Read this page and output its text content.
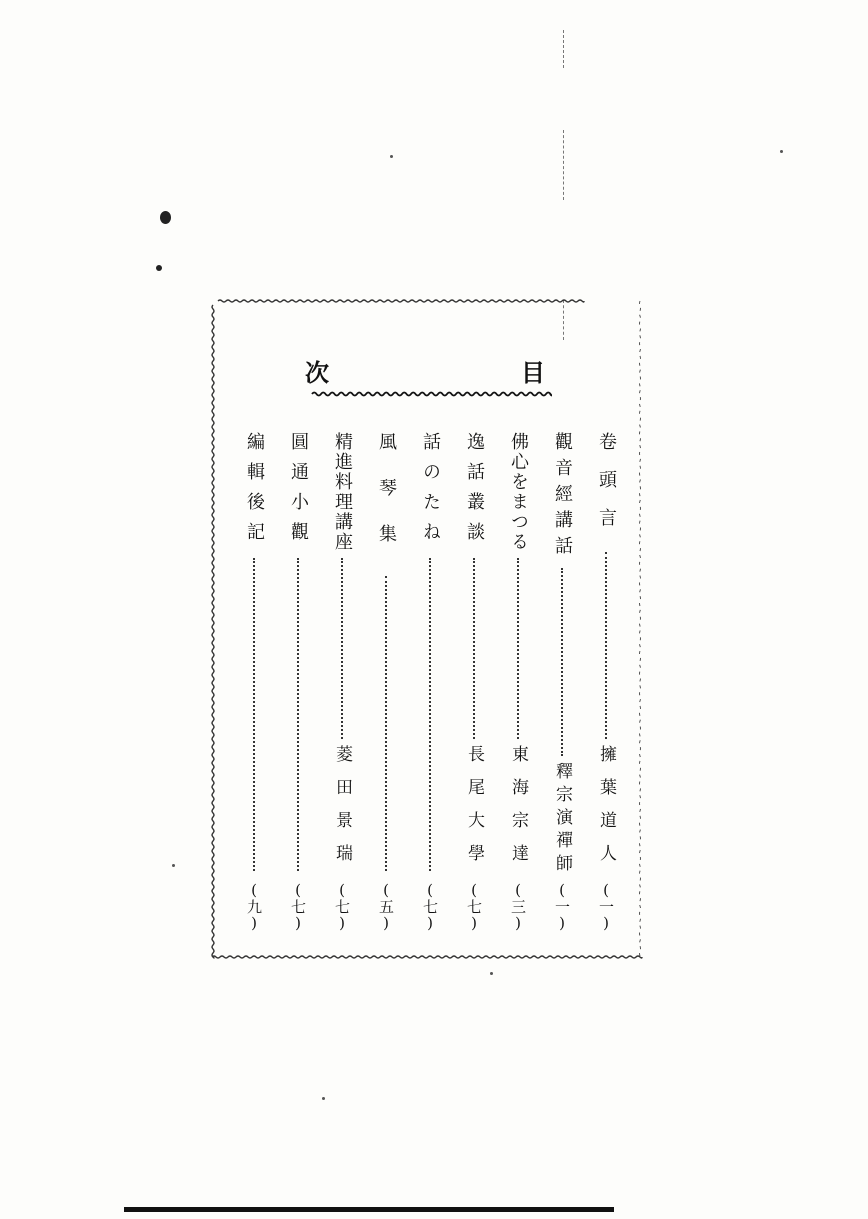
次	目
卷頭言
擁葉道人
(一)
觀音經講話
釋宗演禪師
(一)
佛心をまつる
東海宗達
(三)
逸話叢談
長尾大學
(七)
話のたね
(七)
風琴集
(五)
精進料理講座
菱田景瑞
(七)
圓通小觀
(七)
編輯後記
(九)
